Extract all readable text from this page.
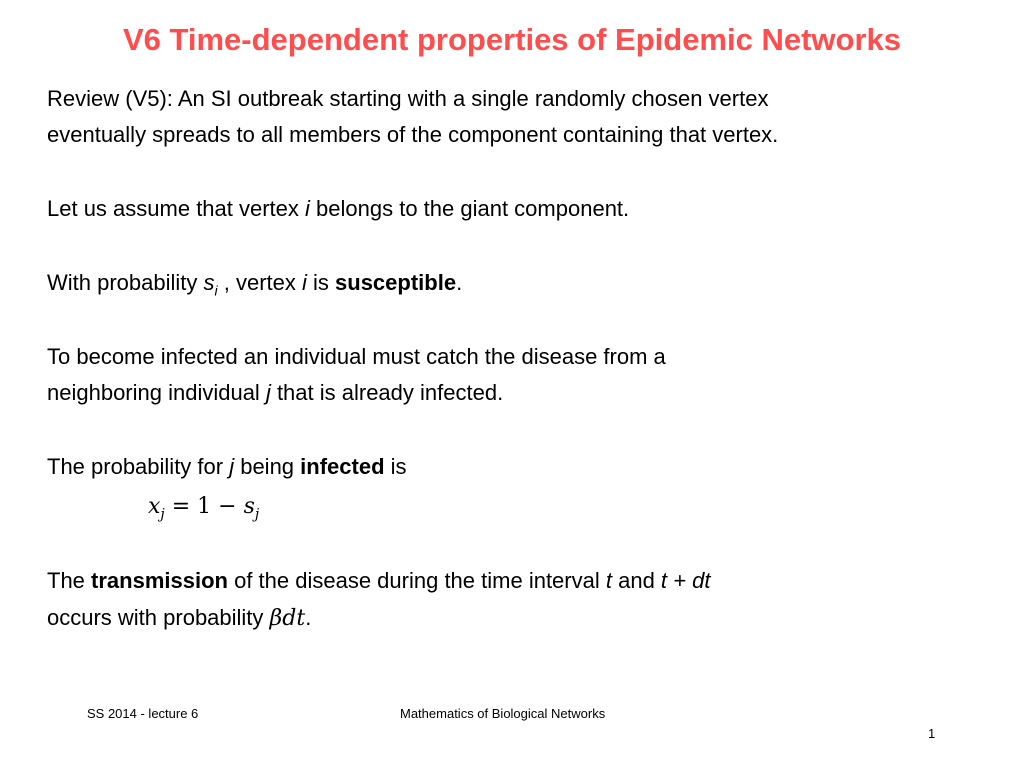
V6 Time-dependent properties of Epidemic Networks
Review (V5): An SI outbreak starting with a single randomly chosen vertex
eventually spreads to all members of the component containing that vertex.
Let us assume that vertex i belongs to the giant component.
With probability $s_i$ , vertex i is susceptible.
To become infected an individual must catch the disease from a
neighboring individual j that is already infected.
The probability for j being infected is
$x_j = 1 - s_j$
The transmission of the disease during the time interval t and t + dt
occurs with probability βdt.
SS 2014 - lecture 6	Mathematics of Biological Networks
1
